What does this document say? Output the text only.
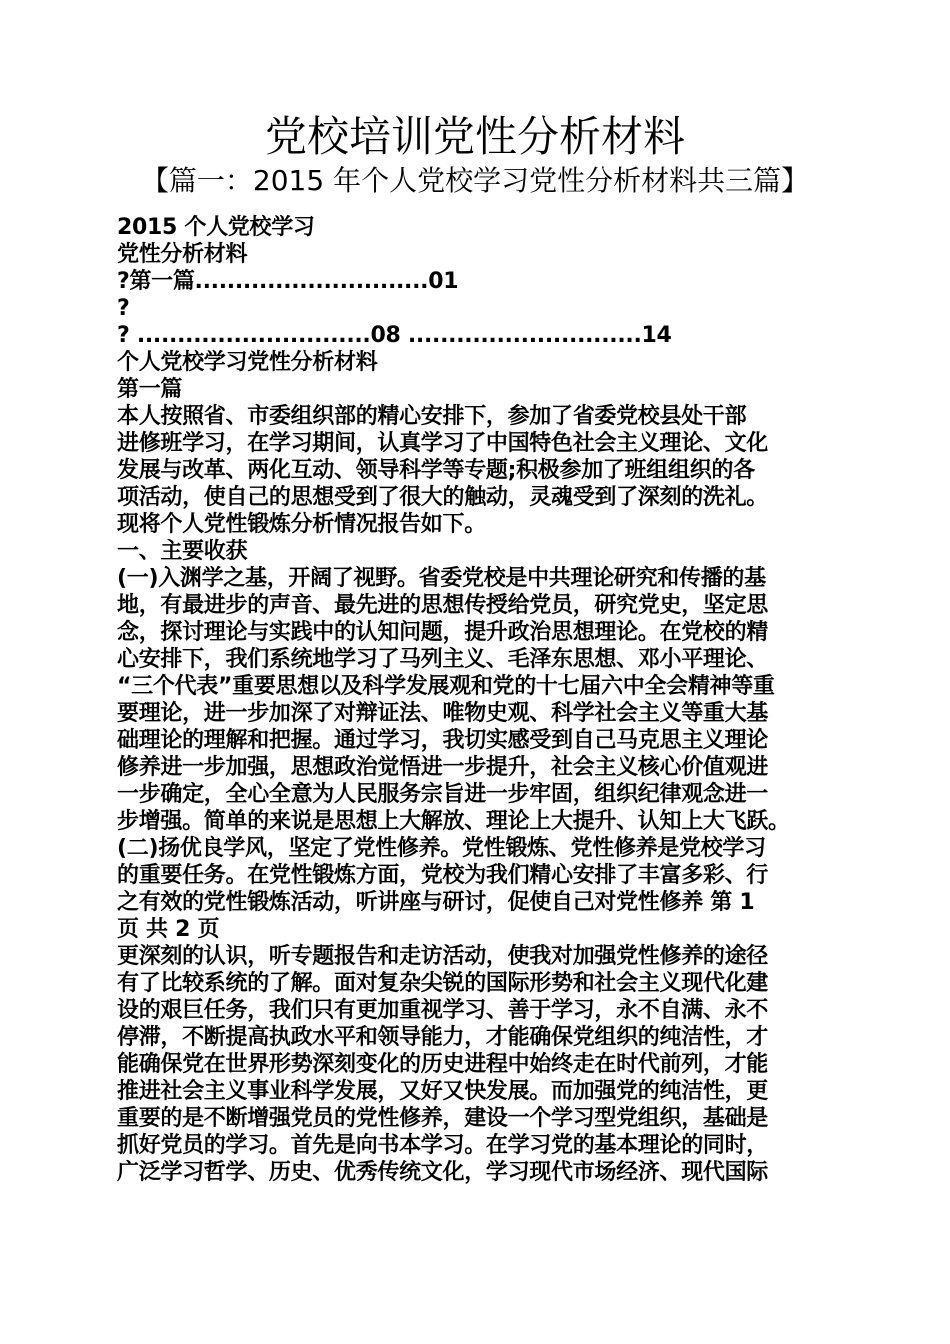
党校培训党性分析材料
【篇一：2015 年个人党校学习党性分析材料共三篇】
2015 个人党校学习
党性分析材料
?第一篇.............................01
?
? .............................08 .............................14
个人党校学习党性分析材料
第一篇
本人按照省、市委组织部的精心安排下，参加了省委党校县处干部
进修班学习，在学习期间，认真学习了中国特色社会主义理论、文化
发展与改革、两化互动、领导科学等专题;积极参加了班组组织的各
项活动，使自己的思想受到了很大的触动，灵魂受到了深刻的洗礼。
现将个人党性锻炼分析情况报告如下。
一、主要收获
(一)入渊学之基，开阔了视野。省委党校是中共理论研究和传播的基
地，有最进步的声音、最先进的思想传授给党员，研究党史，坚定思
念，探讨理论与实践中的认知问题，提升政治思想理论。在党校的精
心安排下，我们系统地学习了马列主义、毛泽东思想、邓小平理论、
“三个代表”重要思想以及科学发展观和党的十七届六中全会精神等重
要理论，进一步加深了对辩证法、唯物史观、科学社会主义等重大基
础理论的理解和把握。通过学习，我切实感受到自己马克思主义理论
修养进一步加强，思想政治觉悟进一步提升，社会主义核心价值观进
一步确定，全心全意为人民服务宗旨进一步牢固，组织纪律观念进一
步增强。简单的来说是思想上大解放、理论上大提升、认知上大飞跃。
(二)扬优良学风，坚定了党性修养。党性锻炼、党性修养是党校学习
的重要任务。在党性锻炼方面，党校为我们精心安排了丰富多彩、行
之有效的党性锻炼活动，听讲座与研讨，促使自己对党性修养 第 1
页 共 2 页
更深刻的认识，听专题报告和走访活动，使我对加强党性修养的途径
有了比较系统的了解。面对复杂尖锐的国际形势和社会主义现代化建
设的艰巨任务，我们只有更加重视学习、善于学习，永不自满、永不
停滞，不断提高执政水平和领导能力，才能确保党组织的纯洁性，才
能确保党在世界形势深刻变化的历史进程中始终走在时代前列，才能
推进社会主义事业科学发展，又好又快发展。而加强党的纯洁性，更
重要的是不断增强党员的党性修养，建设一个学习型党组织，基础是
抓好党员的学习。首先是向书本学习。在学习党的基本理论的同时，
广泛学习哲学、历史、优秀传统文化，学习现代市场经济、现代国际
